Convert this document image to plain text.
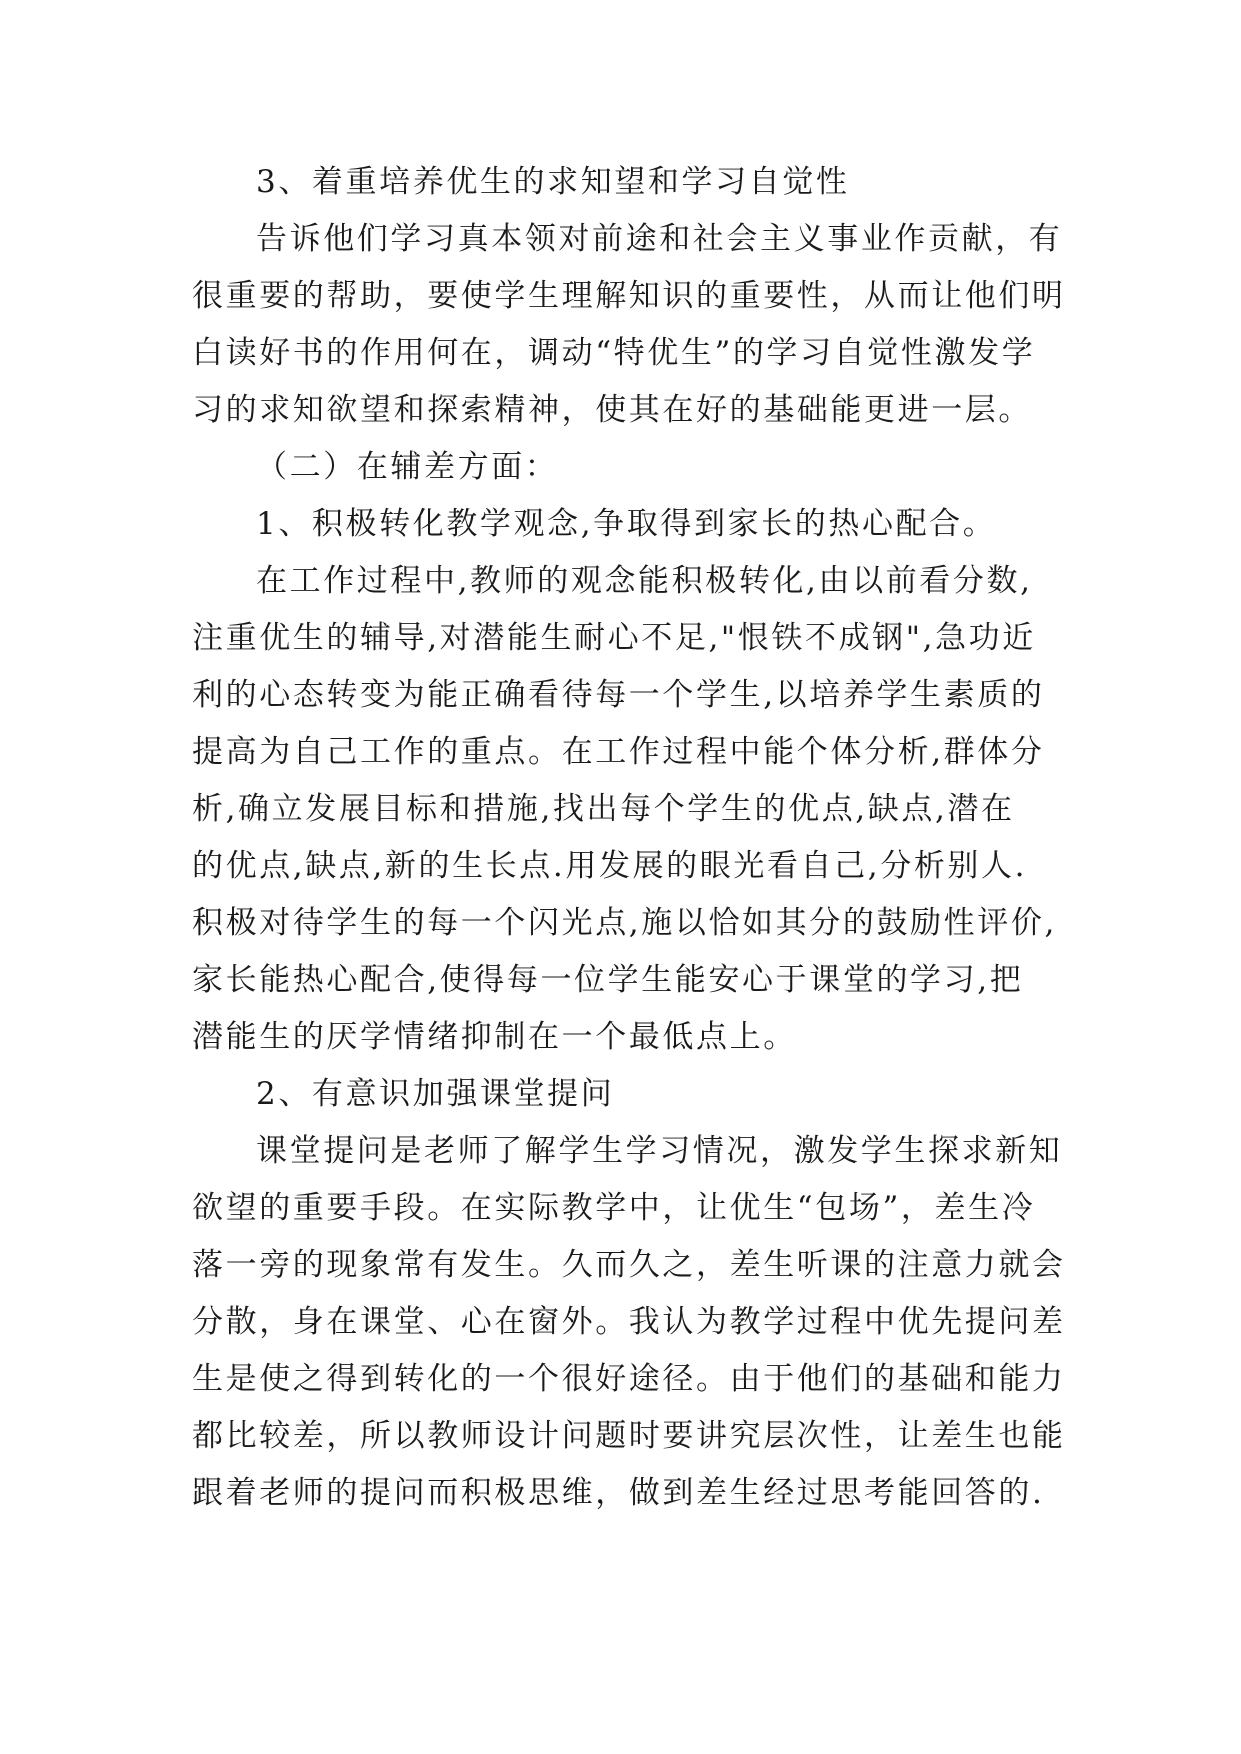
3、着重培养优生的求知望和学习自觉性
告诉他们学习真本领对前途和社会主义事业作贡献，有
很重要的帮助，要使学生理解知识的重要性，从而让他们明
白读好书的作用何在，调动“特优生”的学习自觉性激发学
习的求知欲望和探索精神，使其在好的基础能更进一层。
（二）在辅差方面：
1、积极转化教学观念,争取得到家长的热心配合。
在工作过程中,教师的观念能积极转化,由以前看分数,
注重优生的辅导,对潜能生耐心不足,"恨铁不成钢",急功近
利的心态转变为能正确看待每一个学生,以培养学生素质的
提高为自己工作的重点。在工作过程中能个体分析,群体分
析,确立发展目标和措施,找出每个学生的优点,缺点,潜在
的优点,缺点,新的生长点.用发展的眼光看自己,分析别人.
积极对待学生的每一个闪光点,施以恰如其分的鼓励性评价,
家长能热心配合,使得每一位学生能安心于课堂的学习,把
潜能生的厌学情绪抑制在一个最低点上。
2、有意识加强课堂提问
课堂提问是老师了解学生学习情况，激发学生探求新知
欲望的重要手段。在实际教学中，让优生“包场”，差生冷
落一旁的现象常有发生。久而久之，差生听课的注意力就会
分散，身在课堂、心在窗外。我认为教学过程中优先提问差
生是使之得到转化的一个很好途径。由于他们的基础和能力
都比较差，所以教师设计问题时要讲究层次性，让差生也能
跟着老师的提问而积极思维，做到差生经过思考能回答的.
